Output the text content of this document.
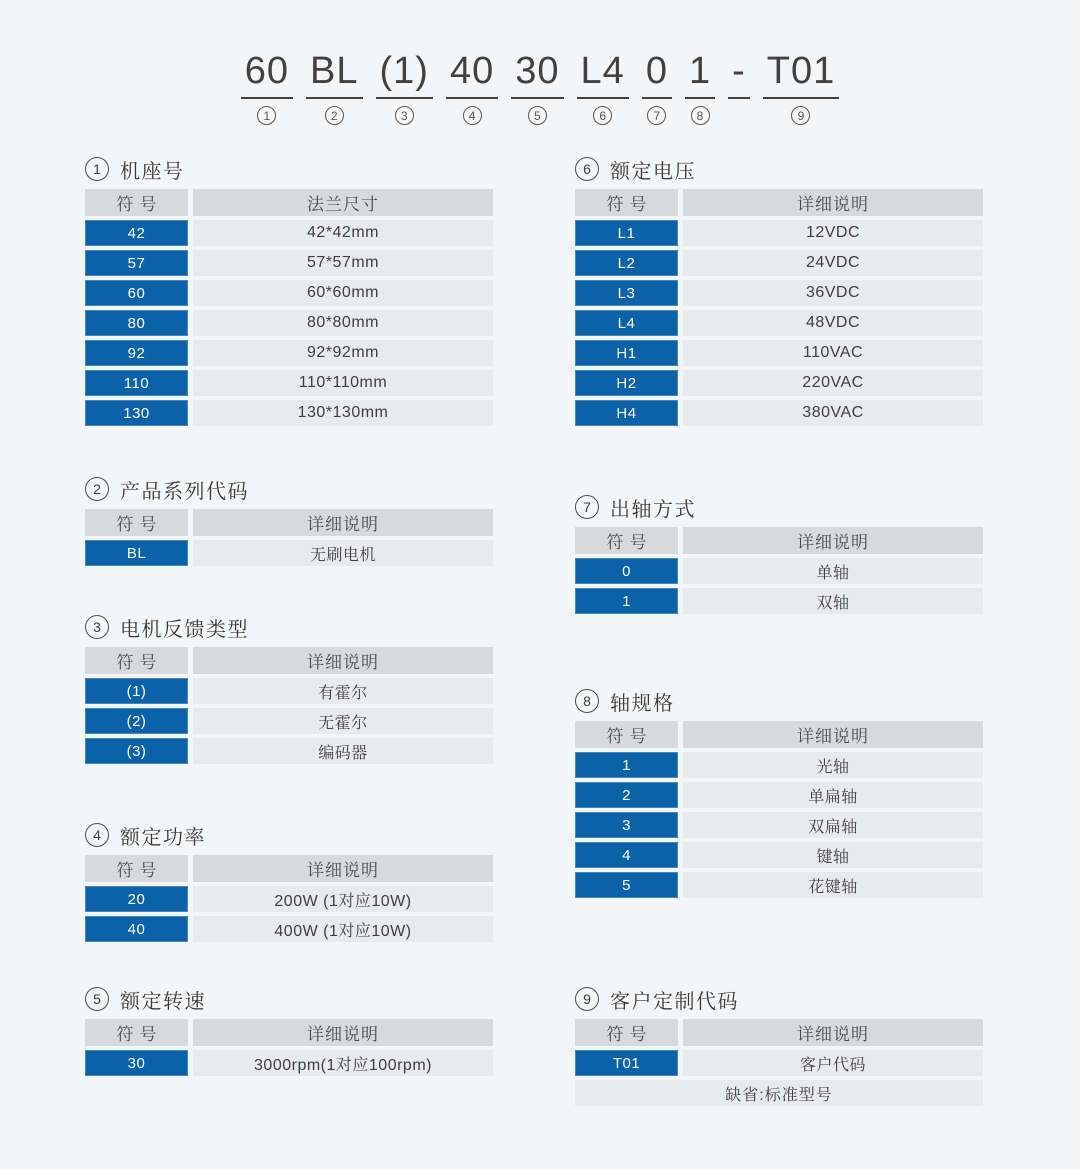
60
1
BL
2
(1)
3
40
4
30
5
L4
6
0
7
1
8
- T01
9
1 机座号
符号	法兰尺寸
42	42*42mm
57	57*57mm
60	60*60mm
80	80*80mm
92	92*92mm
110	110*110mm
130	130*130mm
2 产品系列代码
符号	详细说明
BL	无刷电机
3 电机反馈类型
符号	详细说明
(1)	有霍尔
(2)	无霍尔
(3)	编码器
4 额定功率
符号	详细说明
20	200W (1对应10W)
40	400W (1对应10W)
5 额定转速
符号	详细说明
30	3000rpm(1对应100rpm)
6 额定电压
符号	详细说明
L1	12VDC
L2	24VDC
L3	36VDC
L4	48VDC
H1	110VAC
H2	220VAC
H4	380VAC
7 出轴方式
符号	详细说明
0	单轴
1	双轴
8 轴规格
符号	详细说明
1	光轴
2	单扁轴
3	双扁轴
4	键轴
5	花键轴
9 客户定制代码
符号	详细说明
T01	客户代码
缺省:标准型号
